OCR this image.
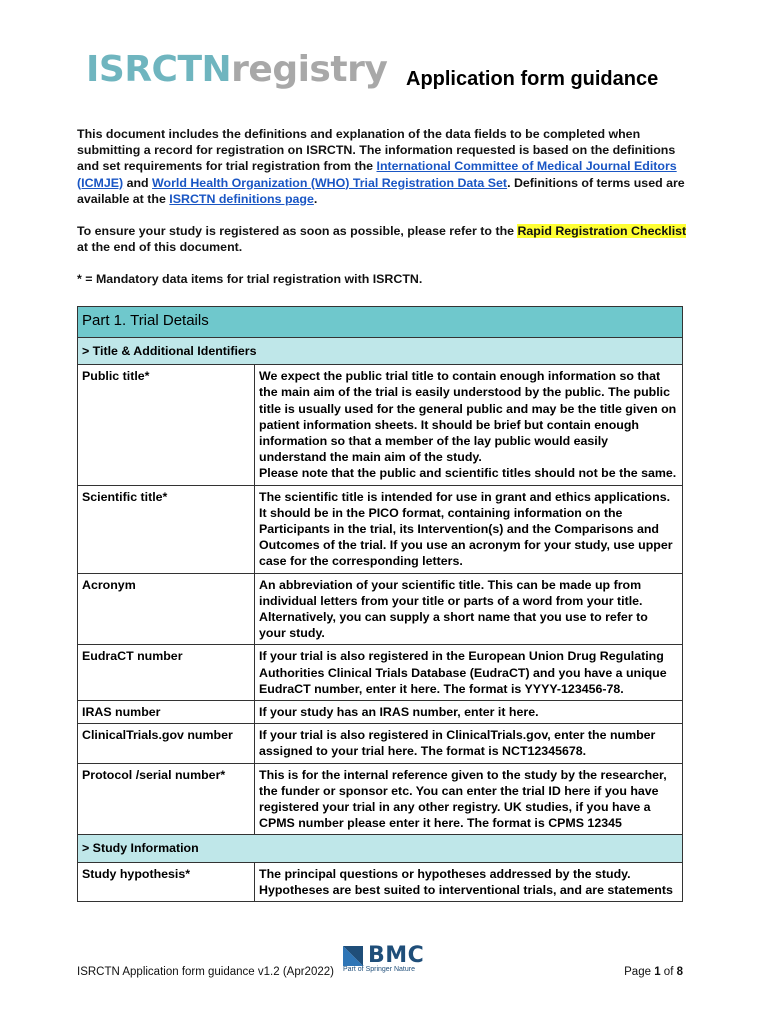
ISRCTNregistry Application form guidance

This document includes the definitions and explanation of the data fields to be completed when submitting a record for registration on ISRCTN. The information requested is based on the definitions and set requirements for trial registration from the International Committee of Medical Journal Editors (ICMJE) and World Health Organization (WHO) Trial Registration Data Set. Definitions of terms used are available at the ISRCTN definitions page.

To ensure your study is registered as soon as possible, please refer to the Rapid Registration Checklist at the end of this document.

* = Mandatory data items for trial registration with ISRCTN.

Part 1. Trial Details	
> Title & Additional Identifiers	
Public title*	We expect the public trial title to contain enough information so that the main aim of the trial is easily understood by the public. The public title is usually used for the general public and may be the title given on patient information sheets. It should be brief but contain enough information so that a member of the lay public would easily understand the main aim of the study.
Please note that the public and scientific titles should not be the same.
Scientific title*	The scientific title is intended for use in grant and ethics applications. It should be in the PICO format, containing information on the Participants in the trial, its Intervention(s) and the Comparisons and Outcomes of the trial. If you use an acronym for your study, use upper case for the corresponding letters.
Acronym	An abbreviation of your scientific title. This can be made up from individual letters from your title or parts of a word from your title. Alternatively, you can supply a short name that you use to refer to your study.
EudraCT number	If your trial is also registered in the European Union Drug Regulating Authorities Clinical Trials Database (EudraCT) and you have a unique EudraCT number, enter it here. The format is YYYY-123456-78.
IRAS number	If your study has an IRAS number, enter it here.
ClinicalTrials.gov number	If your trial is also registered in ClinicalTrials.gov, enter the number assigned to your trial here. The format is NCT12345678.
Protocol /serial number*	This is for the internal reference given to the study by the researcher, the funder or sponsor etc. You can enter the trial ID here if you have registered your trial in any other registry. UK studies, if you have a CPMS number please enter it here. The format is CPMS 12345
> Study Information	
Study hypothesis*	The principal questions or hypotheses addressed by the study. Hypotheses are best suited to interventional trials, and are statements
ISRCTN Application form guidance v1.2 (Apr2022)
BMC
Part of Springer Nature	Page 1 of 8
